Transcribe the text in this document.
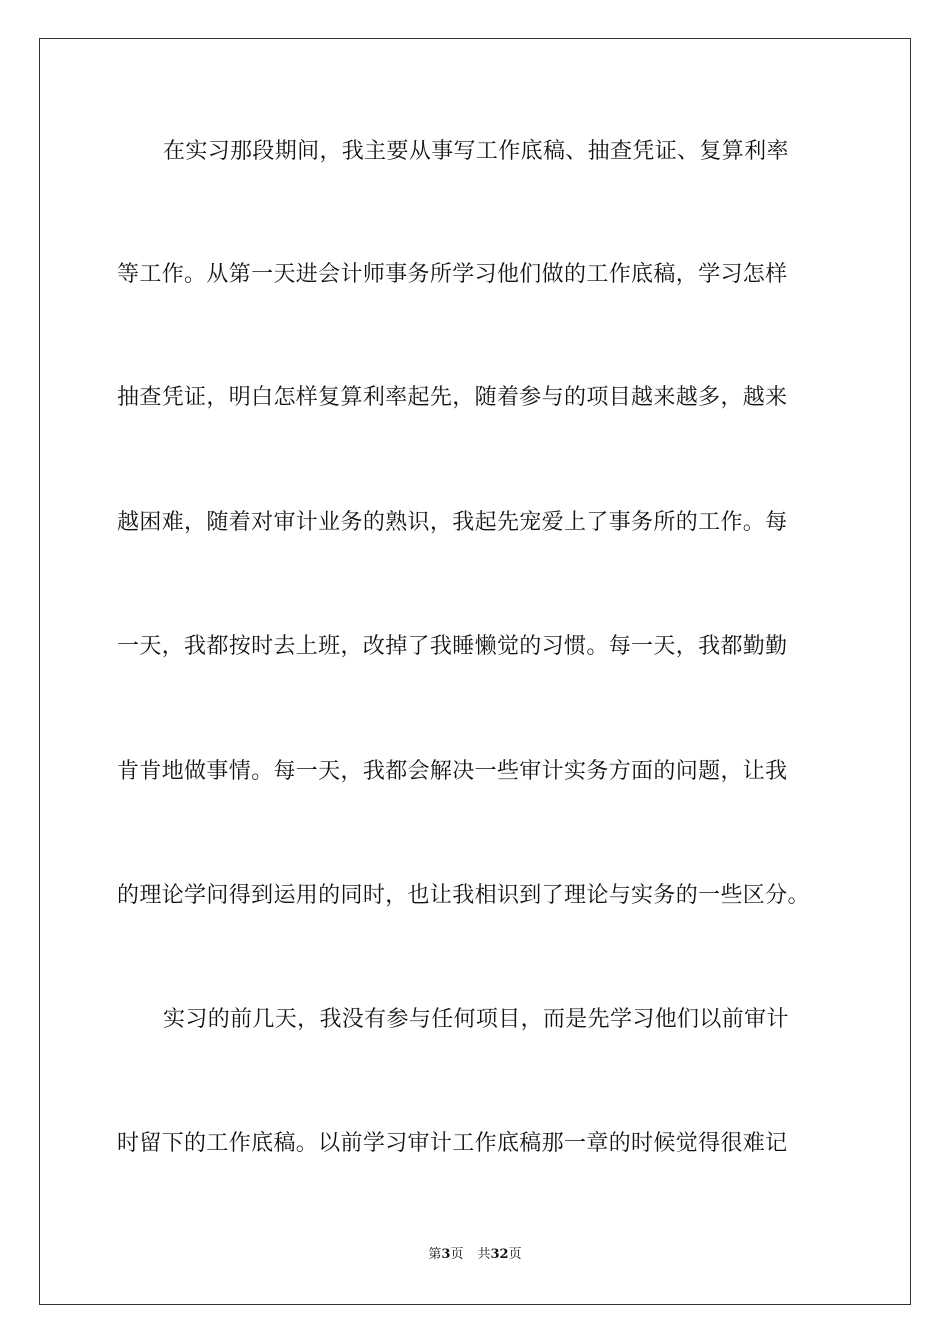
在实习那段期间，我主要从事写工作底稿、抽查凭证、复算利率
等工作。从第一天进会计师事务所学习他们做的工作底稿，学习怎样
抽查凭证，明白怎样复算利率起先，随着参与的项目越来越多，越来
越困难，随着对审计业务的熟识，我起先宠爱上了事务所的工作。每
一天，我都按时去上班，改掉了我睡懒觉的习惯。每一天，我都勤勤
肯肯地做事情。每一天，我都会解决一些审计实务方面的问题，让我
的理论学问得到运用的同时，也让我相识到了理论与实务的一些区分。
实习的前几天，我没有参与任何项目，而是先学习他们以前审计
时留下的工作底稿。以前学习审计工作底稿那一章的时候觉得很难记
第3页 共32页
